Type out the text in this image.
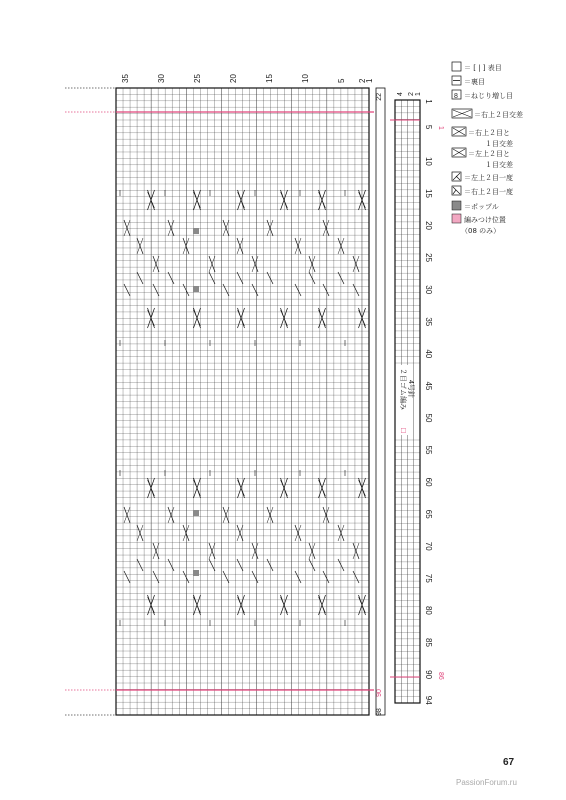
35	30	25	20	15	10	5 2
1
22
90
98
２目ゴム編み 4号針
□
4 2 1
1
5
10
15
20
25
30
35
40
45
50
55
60
65
70
75
80
85
90
94
1
86
8
＝ [ | ] 表目
＝裏目
＝ねじり増し目
＝右上２目交差
＝右上２目と
１目交差
＝左上２目と
１目交差
＝左上２目一度
＝右上２目一度
＝ポップル
編みつけ位置
（08 のみ）
67
PassionForum.ru
